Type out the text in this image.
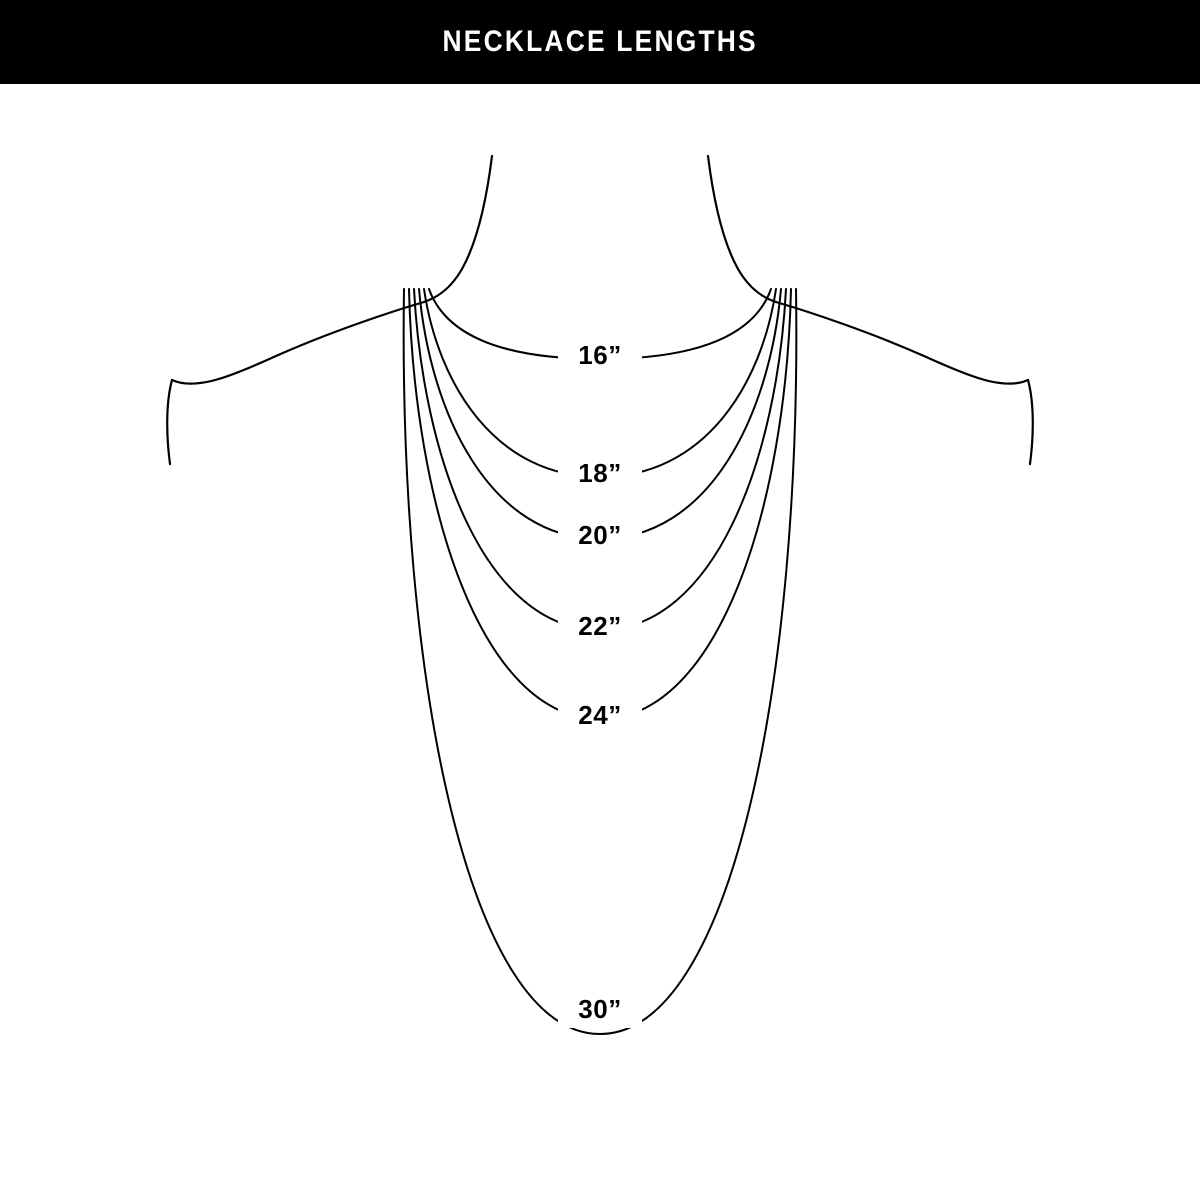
NECKLACE LENGTHS
16”
18”
20”
22”
24”
30”
